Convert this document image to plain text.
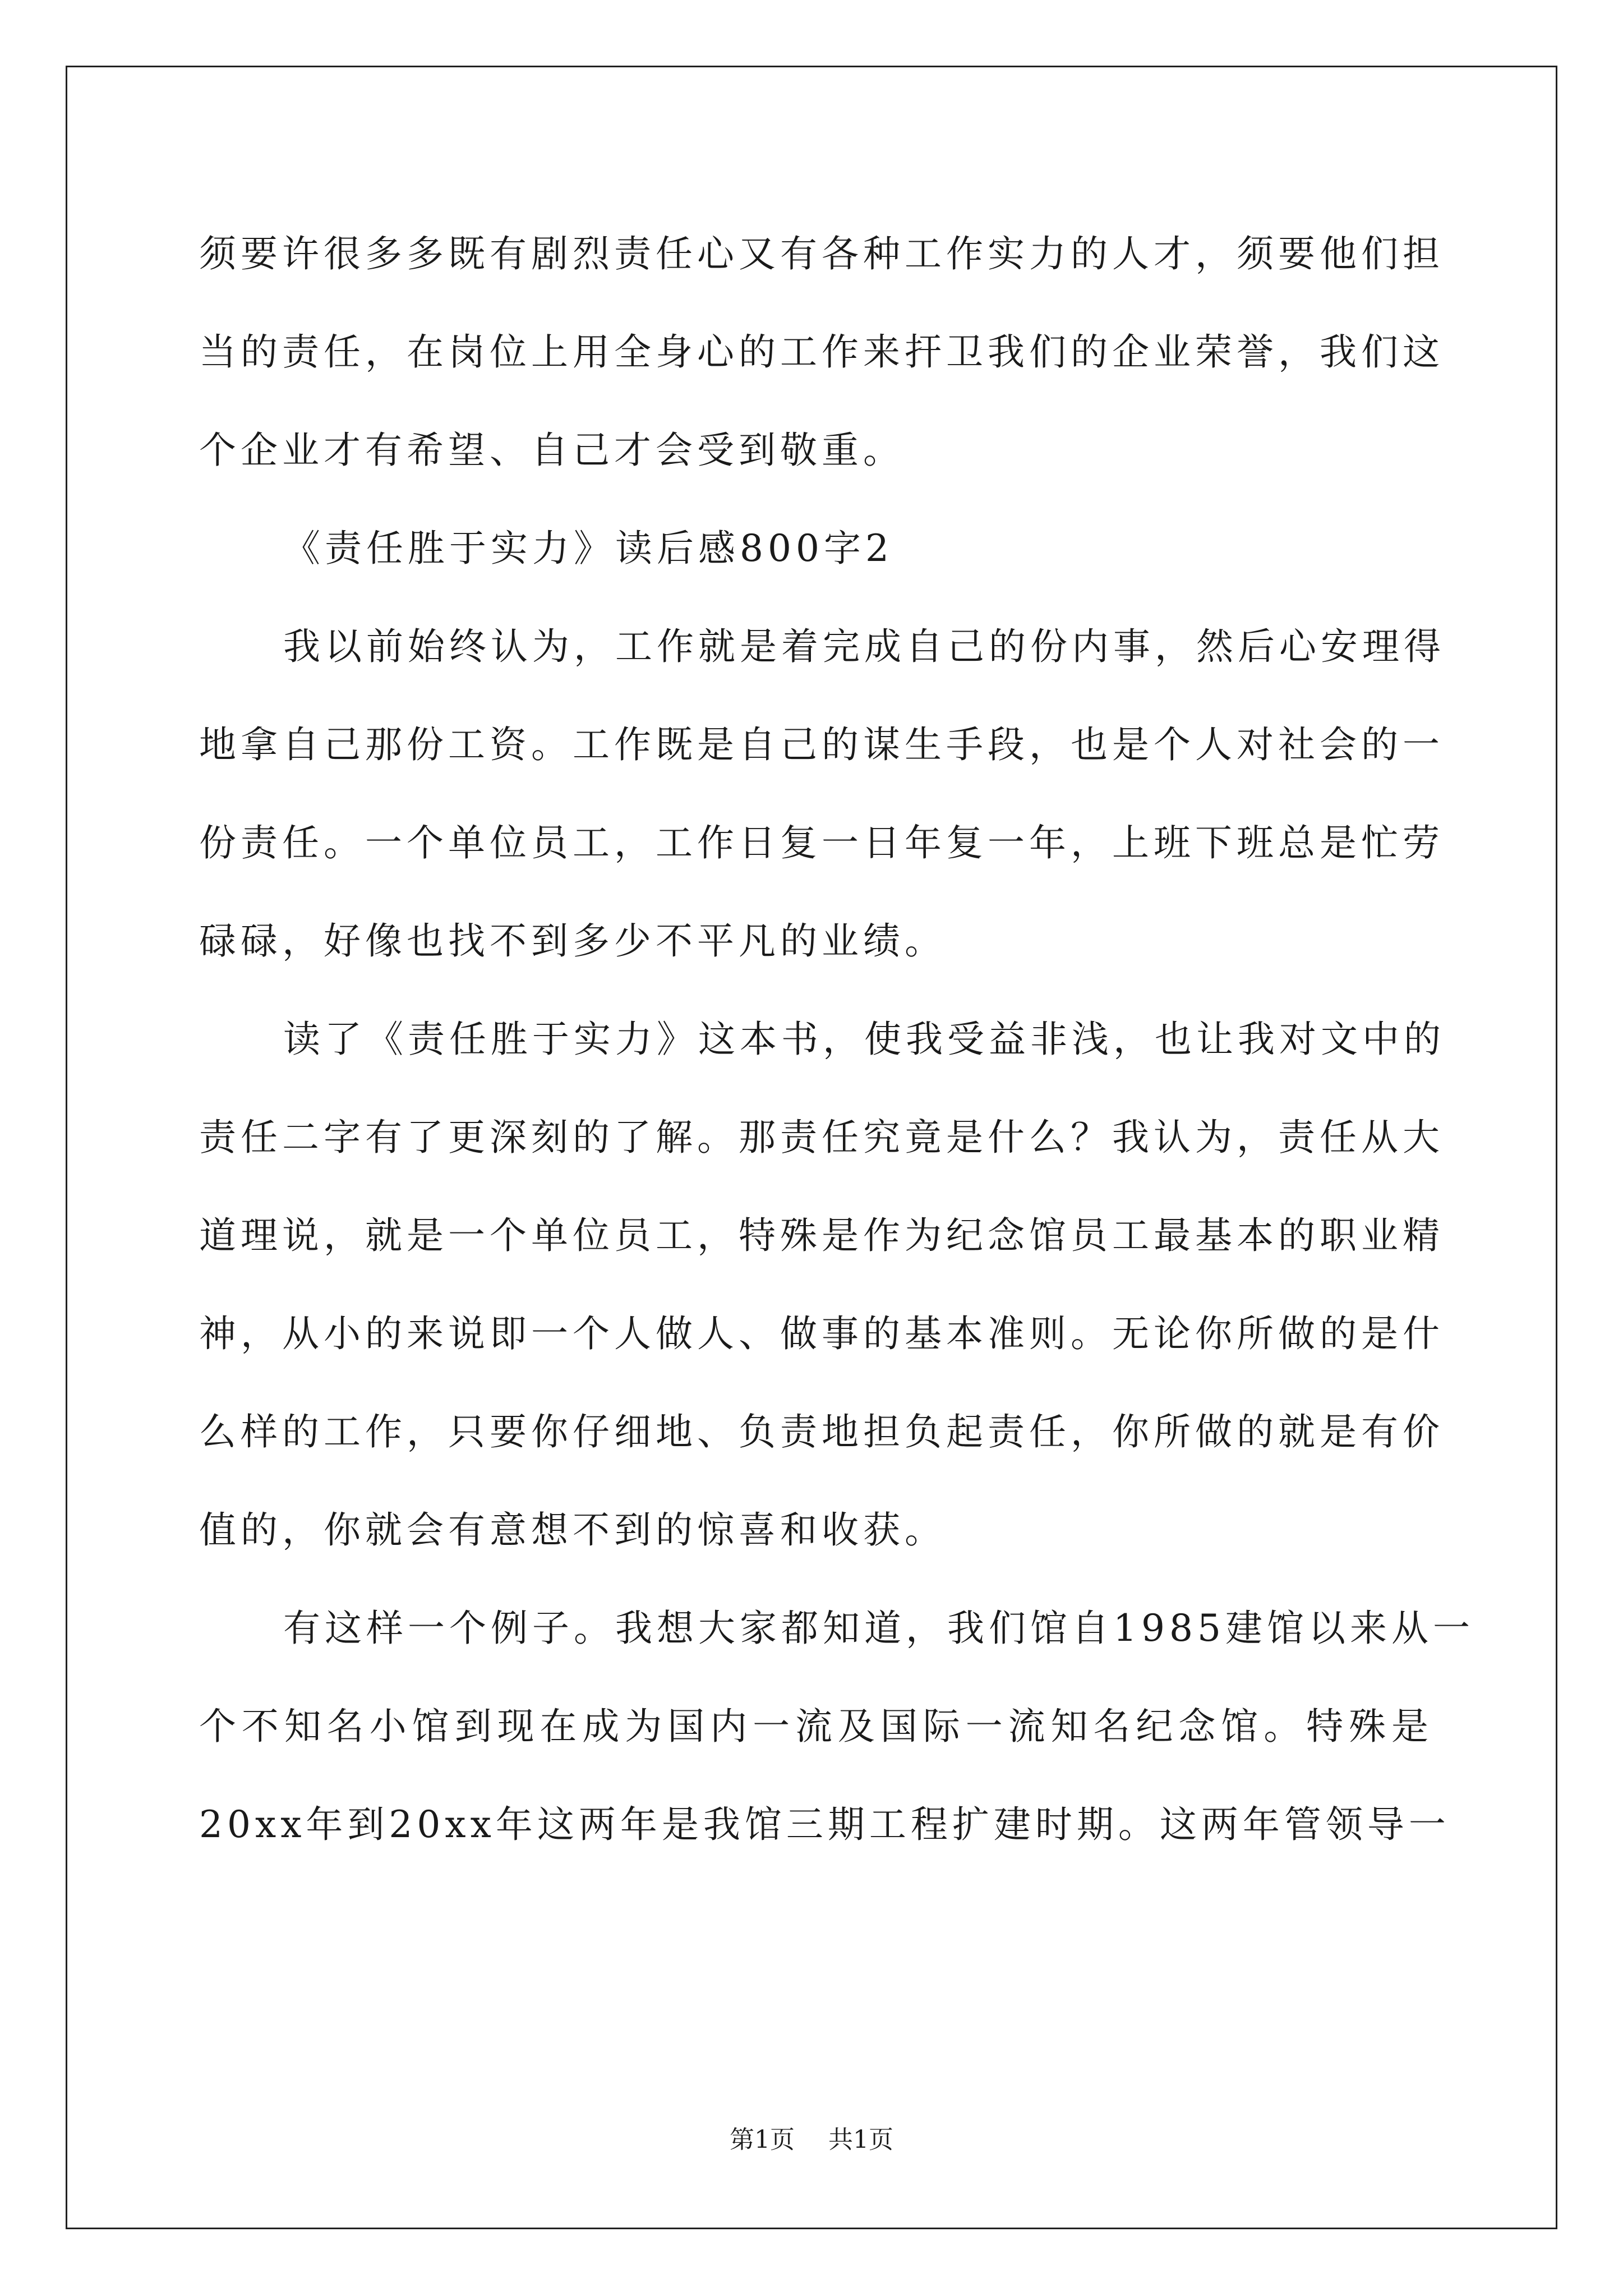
须要许很多多既有剧烈责任心又有各种工作实力的人才，须要他们担
当的责任，在岗位上用全身心的工作来扞卫我们的企业荣誉，我们这
个企业才有希望、自己才会受到敬重。
《责任胜于实力》读后感800字2
我以前始终认为，工作就是着完成自己的份内事，然后心安理得
地拿自己那份工资。工作既是自己的谋生手段，也是个人对社会的一
份责任。一个单位员工，工作日复一日年复一年，上班下班总是忙劳
碌碌，好像也找不到多少不平凡的业绩。
读了《责任胜于实力》这本书，使我受益非浅，也让我对文中的
责任二字有了更深刻的了解。那责任究竟是什么？我认为，责任从大
道理说，就是一个单位员工，特殊是作为纪念馆员工最基本的职业精
神，从小的来说即一个人做人、做事的基本准则。无论你所做的是什
么样的工作，只要你仔细地、负责地担负起责任，你所做的就是有价
值的，你就会有意想不到的惊喜和收获。
有这样一个例子。我想大家都知道，我们馆自1985建馆以来从一
个不知名小馆到现在成为国内一流及国际一流知名纪念馆。特殊是
20xx年到20xx年这两年是我馆三期工程扩建时期。这两年管领导一
第1页 共1页
